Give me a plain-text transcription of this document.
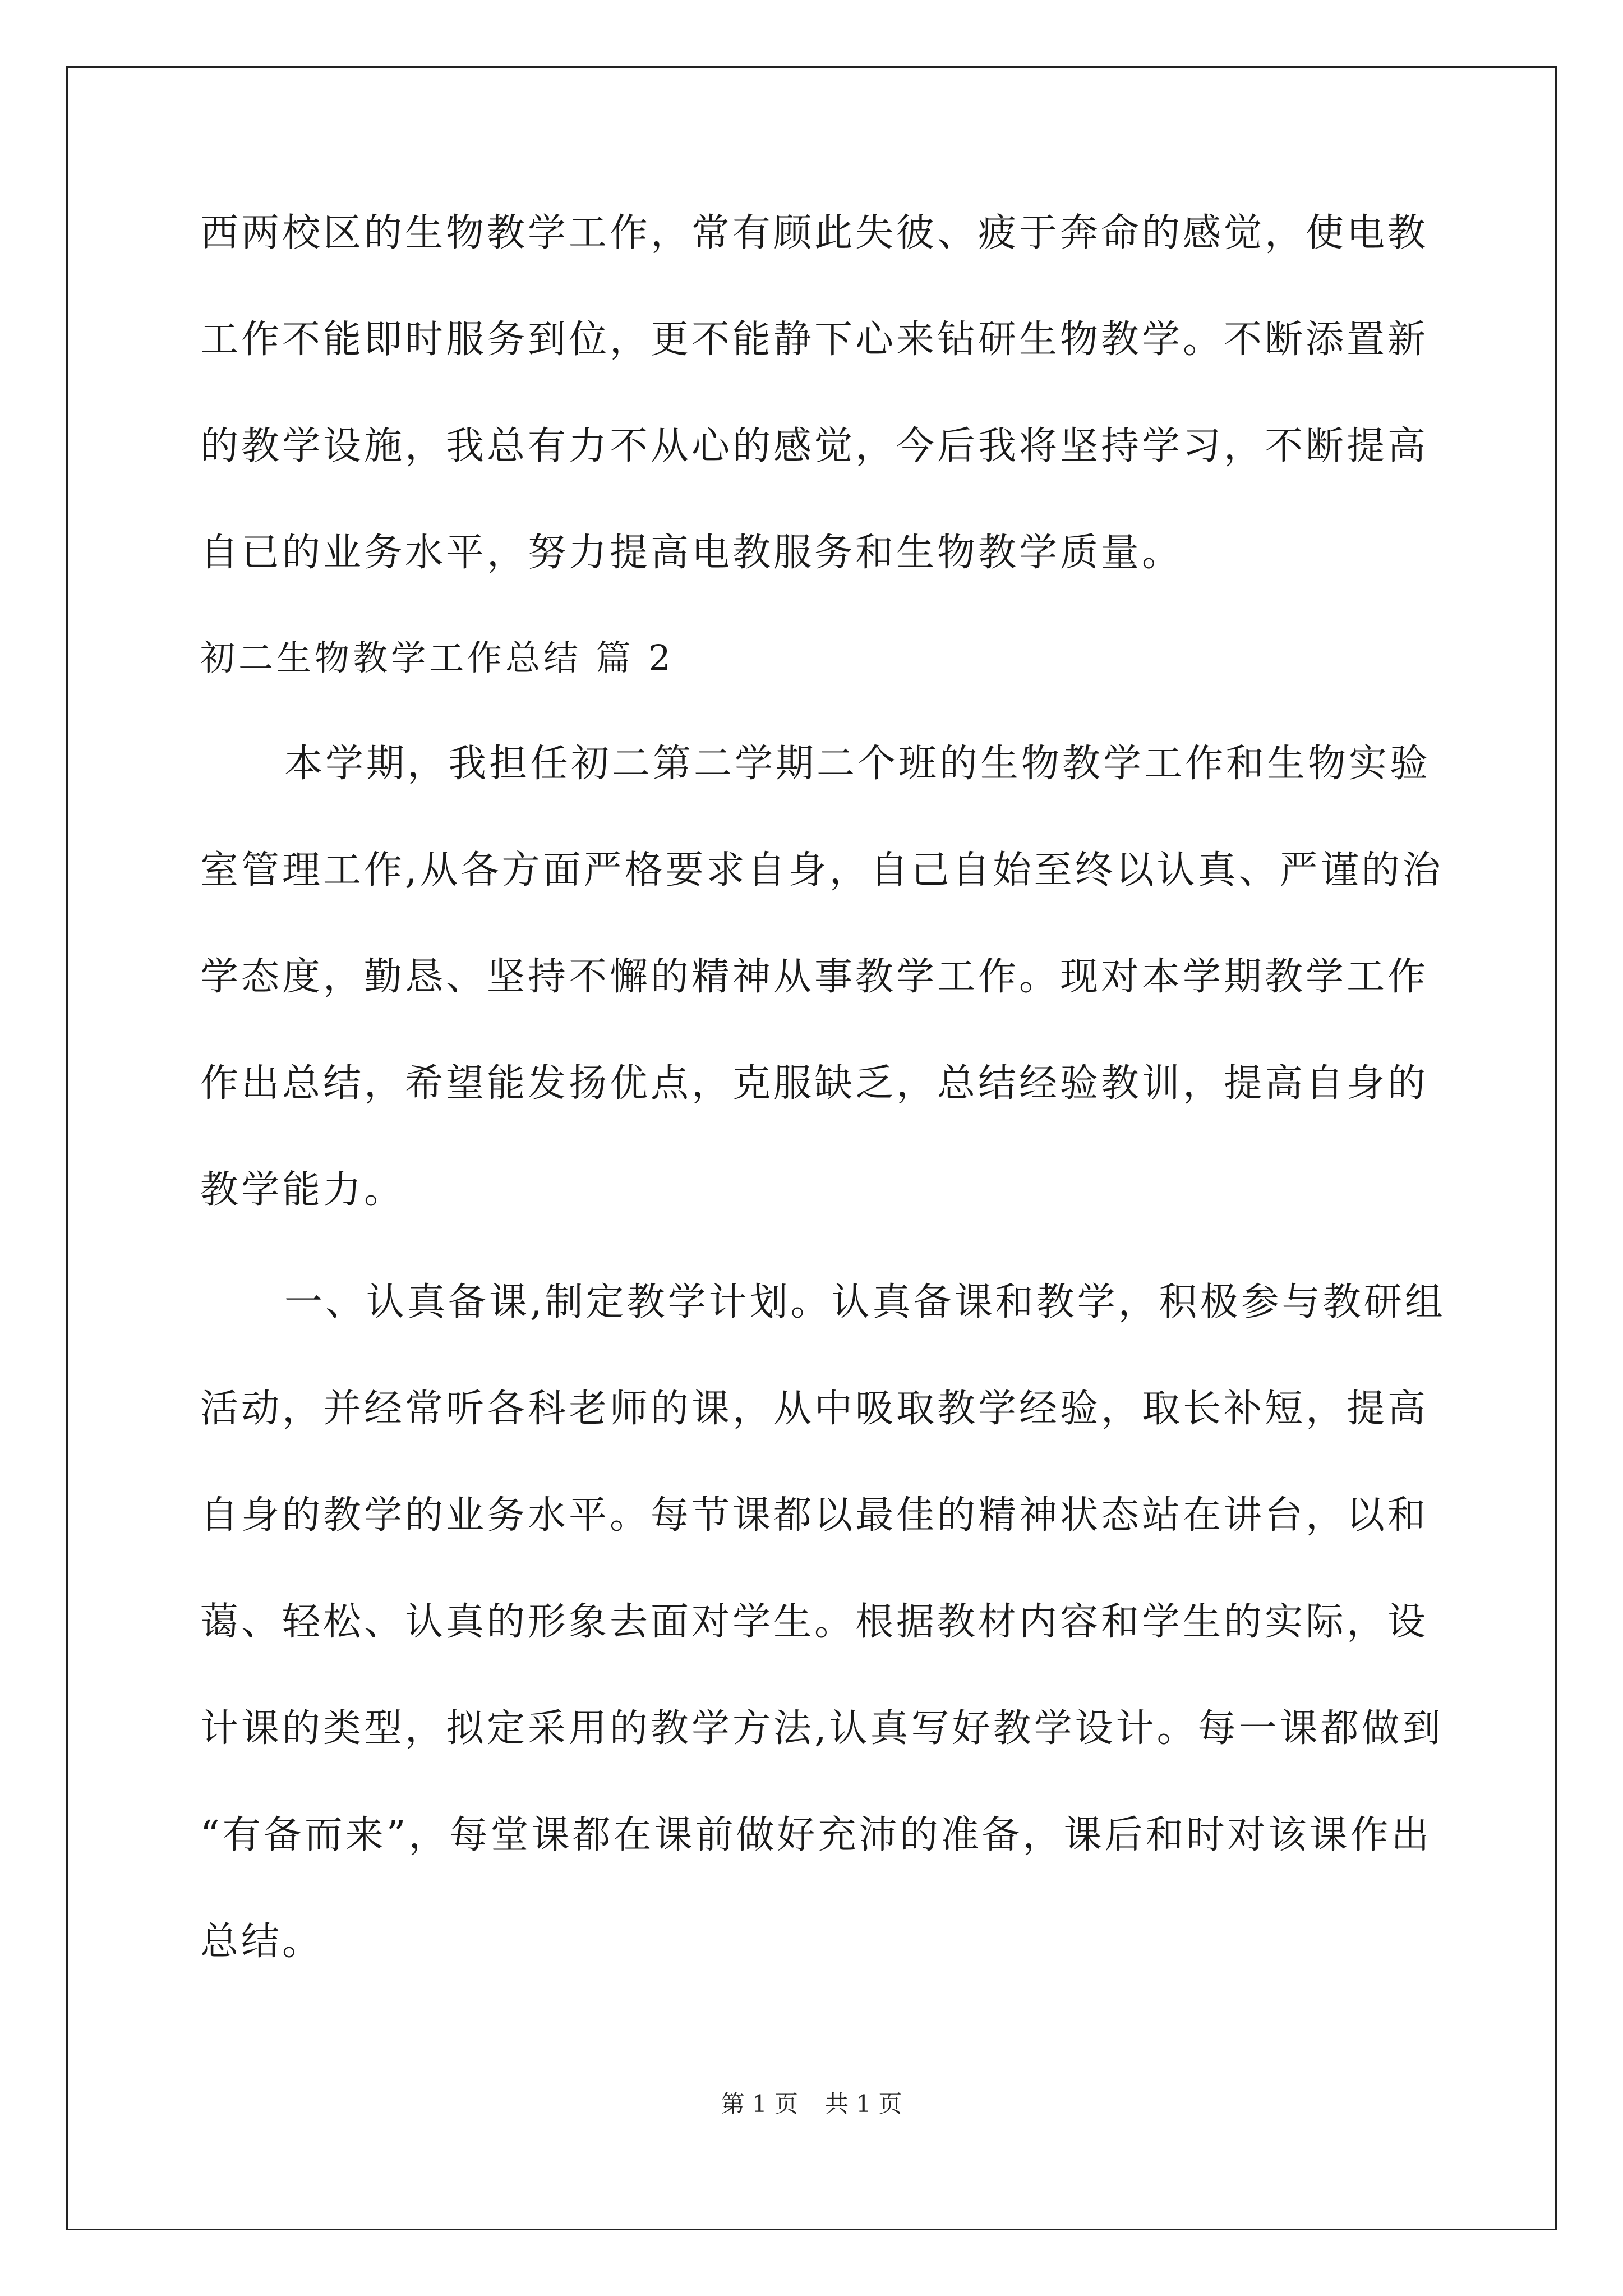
西两校区的生物教学工作，常有顾此失彼、疲于奔命的感觉，使电教
工作不能即时服务到位，更不能静下心来钻研生物教学。不断添置新
的教学设施，我总有力不从心的感觉，今后我将坚持学习，不断提高
自已的业务水平，努力提高电教服务和生物教学质量。
初二生物教学工作总结 篇 2
本学期，我担任初二第二学期二个班的生物教学工作和生物实验
室管理工作,从各方面严格要求自身，自己自始至终以认真、严谨的治
学态度，勤恳、坚持不懈的精神从事教学工作。现对本学期教学工作
作出总结，希望能发扬优点，克服缺乏，总结经验教训，提高自身的
教学能力。
一、认真备课,制定教学计划。认真备课和教学，积极参与教研组
活动，并经常听各科老师的课，从中吸取教学经验，取长补短，提高
自身的教学的业务水平。每节课都以最佳的精神状态站在讲台，以和
蔼、轻松、认真的形象去面对学生。根据教材内容和学生的实际，设
计课的类型，拟定采用的教学方法,认真写好教学设计。每一课都做到
“有备而来”，每堂课都在课前做好充沛的准备，课后和时对该课作出
总结。
第 1 页 共 1 页
